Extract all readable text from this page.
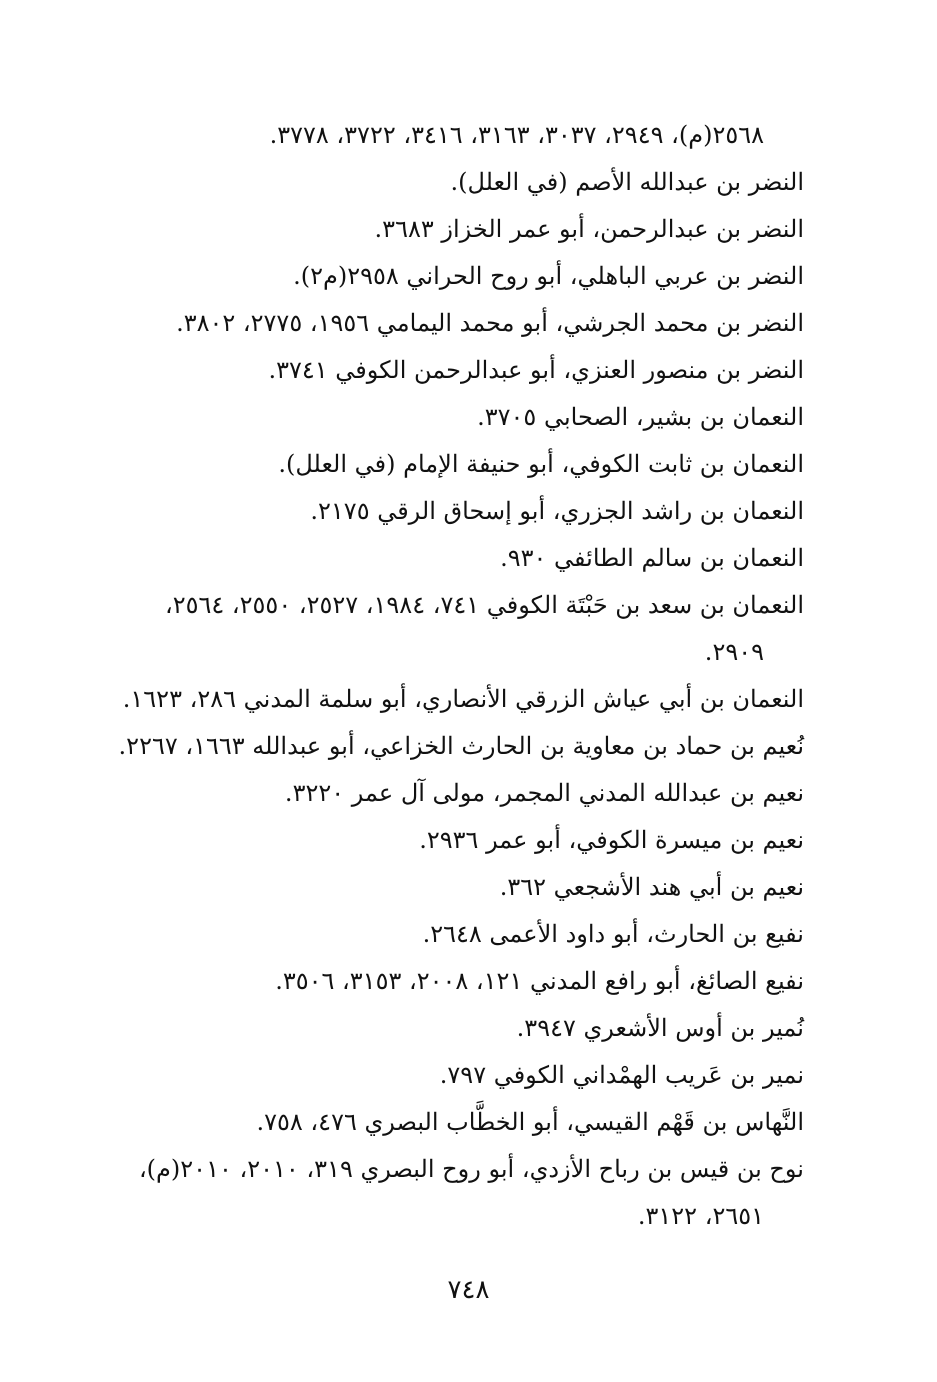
٢٥٦٨(م)، ٢٩٤٩، ٣٠٣٧، ٣١٦٣، ٣٤١٦، ٣٧٢٢، ٣٧٧٨.
النضر بن عبدالله الأصم (في العلل).
النضر بن عبدالرحمن، أبو عمر الخزاز ٣٦٨٣.
النضر بن عربي الباهلي، أبو روح الحراني ٢٩٥٨(م٢).
النضر بن محمد الجرشي، أبو محمد اليمامي ١٩٥٦، ٢٧٧٥، ٣٨٠٢.
النضر بن منصور العنزي، أبو عبدالرحمن الكوفي ٣٧٤١.
النعمان بن بشير، الصحابي ٣٧٠٥.
النعمان بن ثابت الكوفي، أبو حنيفة الإمام (في العلل).
النعمان بن راشد الجزري، أبو إسحاق الرقي ٢١٧٥.
النعمان بن سالم الطائفي ٩٣٠.
النعمان بن سعد بن حَبْتَة الكوفي ٧٤١، ١٩٨٤، ٢٥٢٧، ٢٥٥٠، ٢٥٦٤، ٢٩٠٩.
النعمان بن أبي عياش الزرقي الأنصاري، أبو سلمة المدني ٢٨٦، ١٦٢٣.
نُعيم بن حماد بن معاوية بن الحارث الخزاعي، أبو عبدالله ١٦٦٣، ٢٢٦٧.
نعيم بن عبدالله المدني المجمر، مولى آل عمر ٣٢٢٠.
نعيم بن ميسرة الكوفي، أبو عمر ٢٩٣٦.
نعيم بن أبي هند الأشجعي ٣٦٢.
نفيع بن الحارث، أبو داود الأعمى ٢٦٤٨.
نفيع الصائغ، أبو رافع المدني ١٢١، ٢٠٠٨، ٣١٥٣، ٣٥٠٦.
نُمير بن أوس الأشعري ٣٩٤٧.
نمير بن عَريب الهمْداني الكوفي ٧٩٧.
النَّهاس بن قَهْم القيسي، أبو الخطَّاب البصري ٤٧٦، ٧٥٨.
نوح بن قيس بن رباح الأزدي، أبو روح البصري ٣١٩، ٢٠١٠، ٢٠١٠(م)، ٢٦٥١، ٣١٢٢.
٧٤٨
